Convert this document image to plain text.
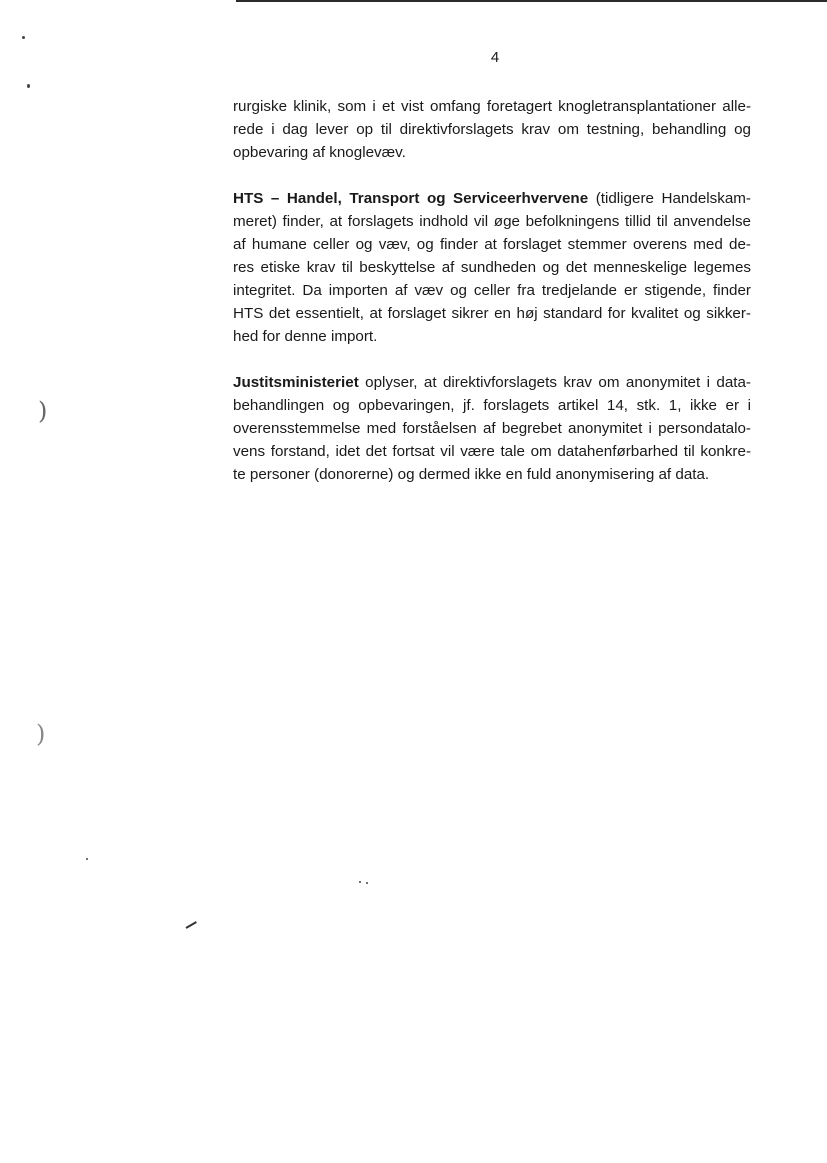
4
rurgiske klinik, som i et vist omfang foretagert knogletransplantationer alle-
rede i dag lever op til direktivforslagets krav om testning, behandling og
opbevaring af knoglevæv.
HTS – Handel, Transport og Serviceerhvervene (tidligere Handelskam-
meret) finder, at forslagets indhold vil øge befolkningens tillid til anvendelse
af humane celler og væv, og finder at forslaget stemmer overens med de-
res etiske krav til beskyttelse af sundheden og det menneskelige legemes
integritet. Da importen af væv og celler fra tredjelande er stigende, finder
HTS det essentielt, at forslaget sikrer en høj standard for kvalitet og sikker-
hed for denne import.
Justitsministeriet oplyser, at direktivforslagets krav om anonymitet i data-
behandlingen og opbevaringen, jf. forslagets artikel 14, stk. 1, ikke er i
overensstemmelse med forståelsen af begrebet anonymitet i persondatalo-
vens forstand, idet det fortsat vil være tale om datahenførbarhed til konkre-
te personer (donorerne) og dermed ikke en fuld anonymisering af data.
)
)
